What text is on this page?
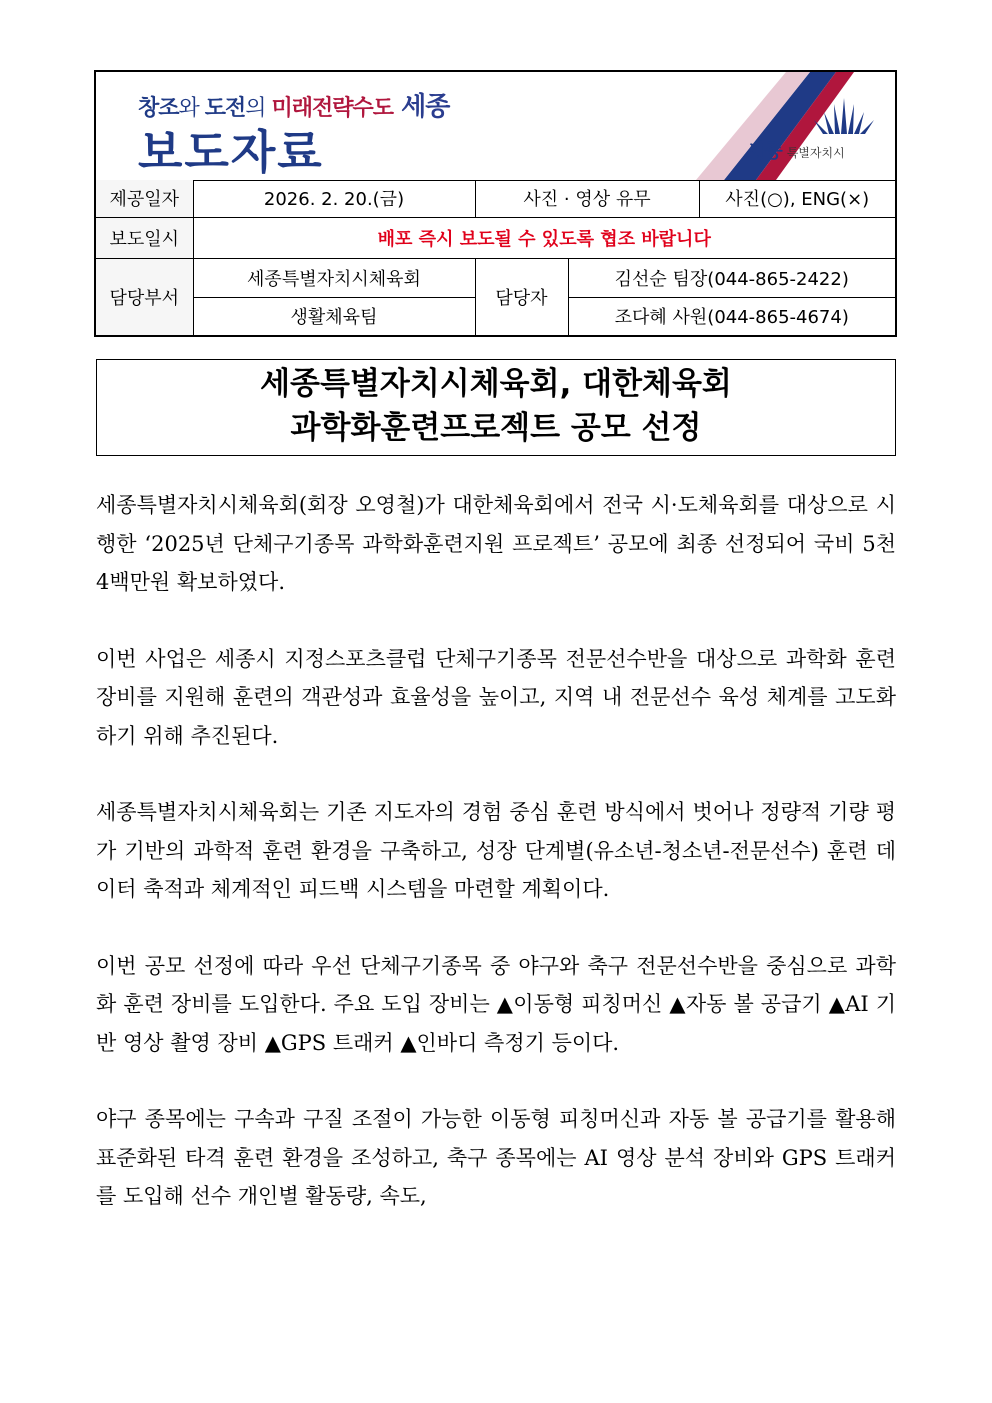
창조와 도전의 미래전략수도 세종
보도자료	세종 특별자치시
제공일자	2026. 2. 20.(금)	사진 · 영상 유무		사진(○), ENG(×)
보도일시	배포 즉시 보도될 수 있도록 협조 바랍니다			
담당부서	세종특별자치시체육회	담당자	김선순 팀장(044-865-2422)	
	생활체육팀		조다혜 사원(044-865-4674)	
세종특별자치시체육회, 대한체육회
과학화훈련프로젝트 공모 선정

세종특별자치시체육회(회장 오영철)가 대한체육회에서 전국 시·도체육회를 대상으로 시행한 ‘2025년 단체구기종목 과학화훈련지원 프로젝트’ 공모에 최종 선정되어 국비 5천 4백만원 확보하였다.

이번 사업은 세종시 지정스포츠클럽 단체구기종목 전문선수반을 대상으로 과학화 훈련 장비를 지원해 훈련의 객관성과 효율성을 높이고, 지역 내 전문선수 육성 체계를 고도화하기 위해 추진된다.

세종특별자치시체육회는 기존 지도자의 경험 중심 훈련 방식에서 벗어나 정량적 기량 평가 기반의 과학적 훈련 환경을 구축하고, 성장 단계별(유소년-청소년-전문선수) 훈련 데이터 축적과 체계적인 피드백 시스템을 마련할 계획이다.

이번 공모 선정에 따라 우선 단체구기종목 중 야구와 축구 전문선수반을 중심으로 과학화 훈련 장비를 도입한다. 주요 도입 장비는 ▲이동형 피칭머신 ▲자동 볼 공급기 ▲AI 기반 영상 촬영 장비 ▲GPS 트래커 ▲인바디 측정기 등이다.

야구 종목에는 구속과 구질 조절이 가능한 이동형 피칭머신과 자동 볼 공급기를 활용해 표준화된 타격 훈련 환경을 조성하고, 축구 종목에는 AI 영상 분석 장비와 GPS 트래커를 도입해 선수 개인별 활동량, 속도,
